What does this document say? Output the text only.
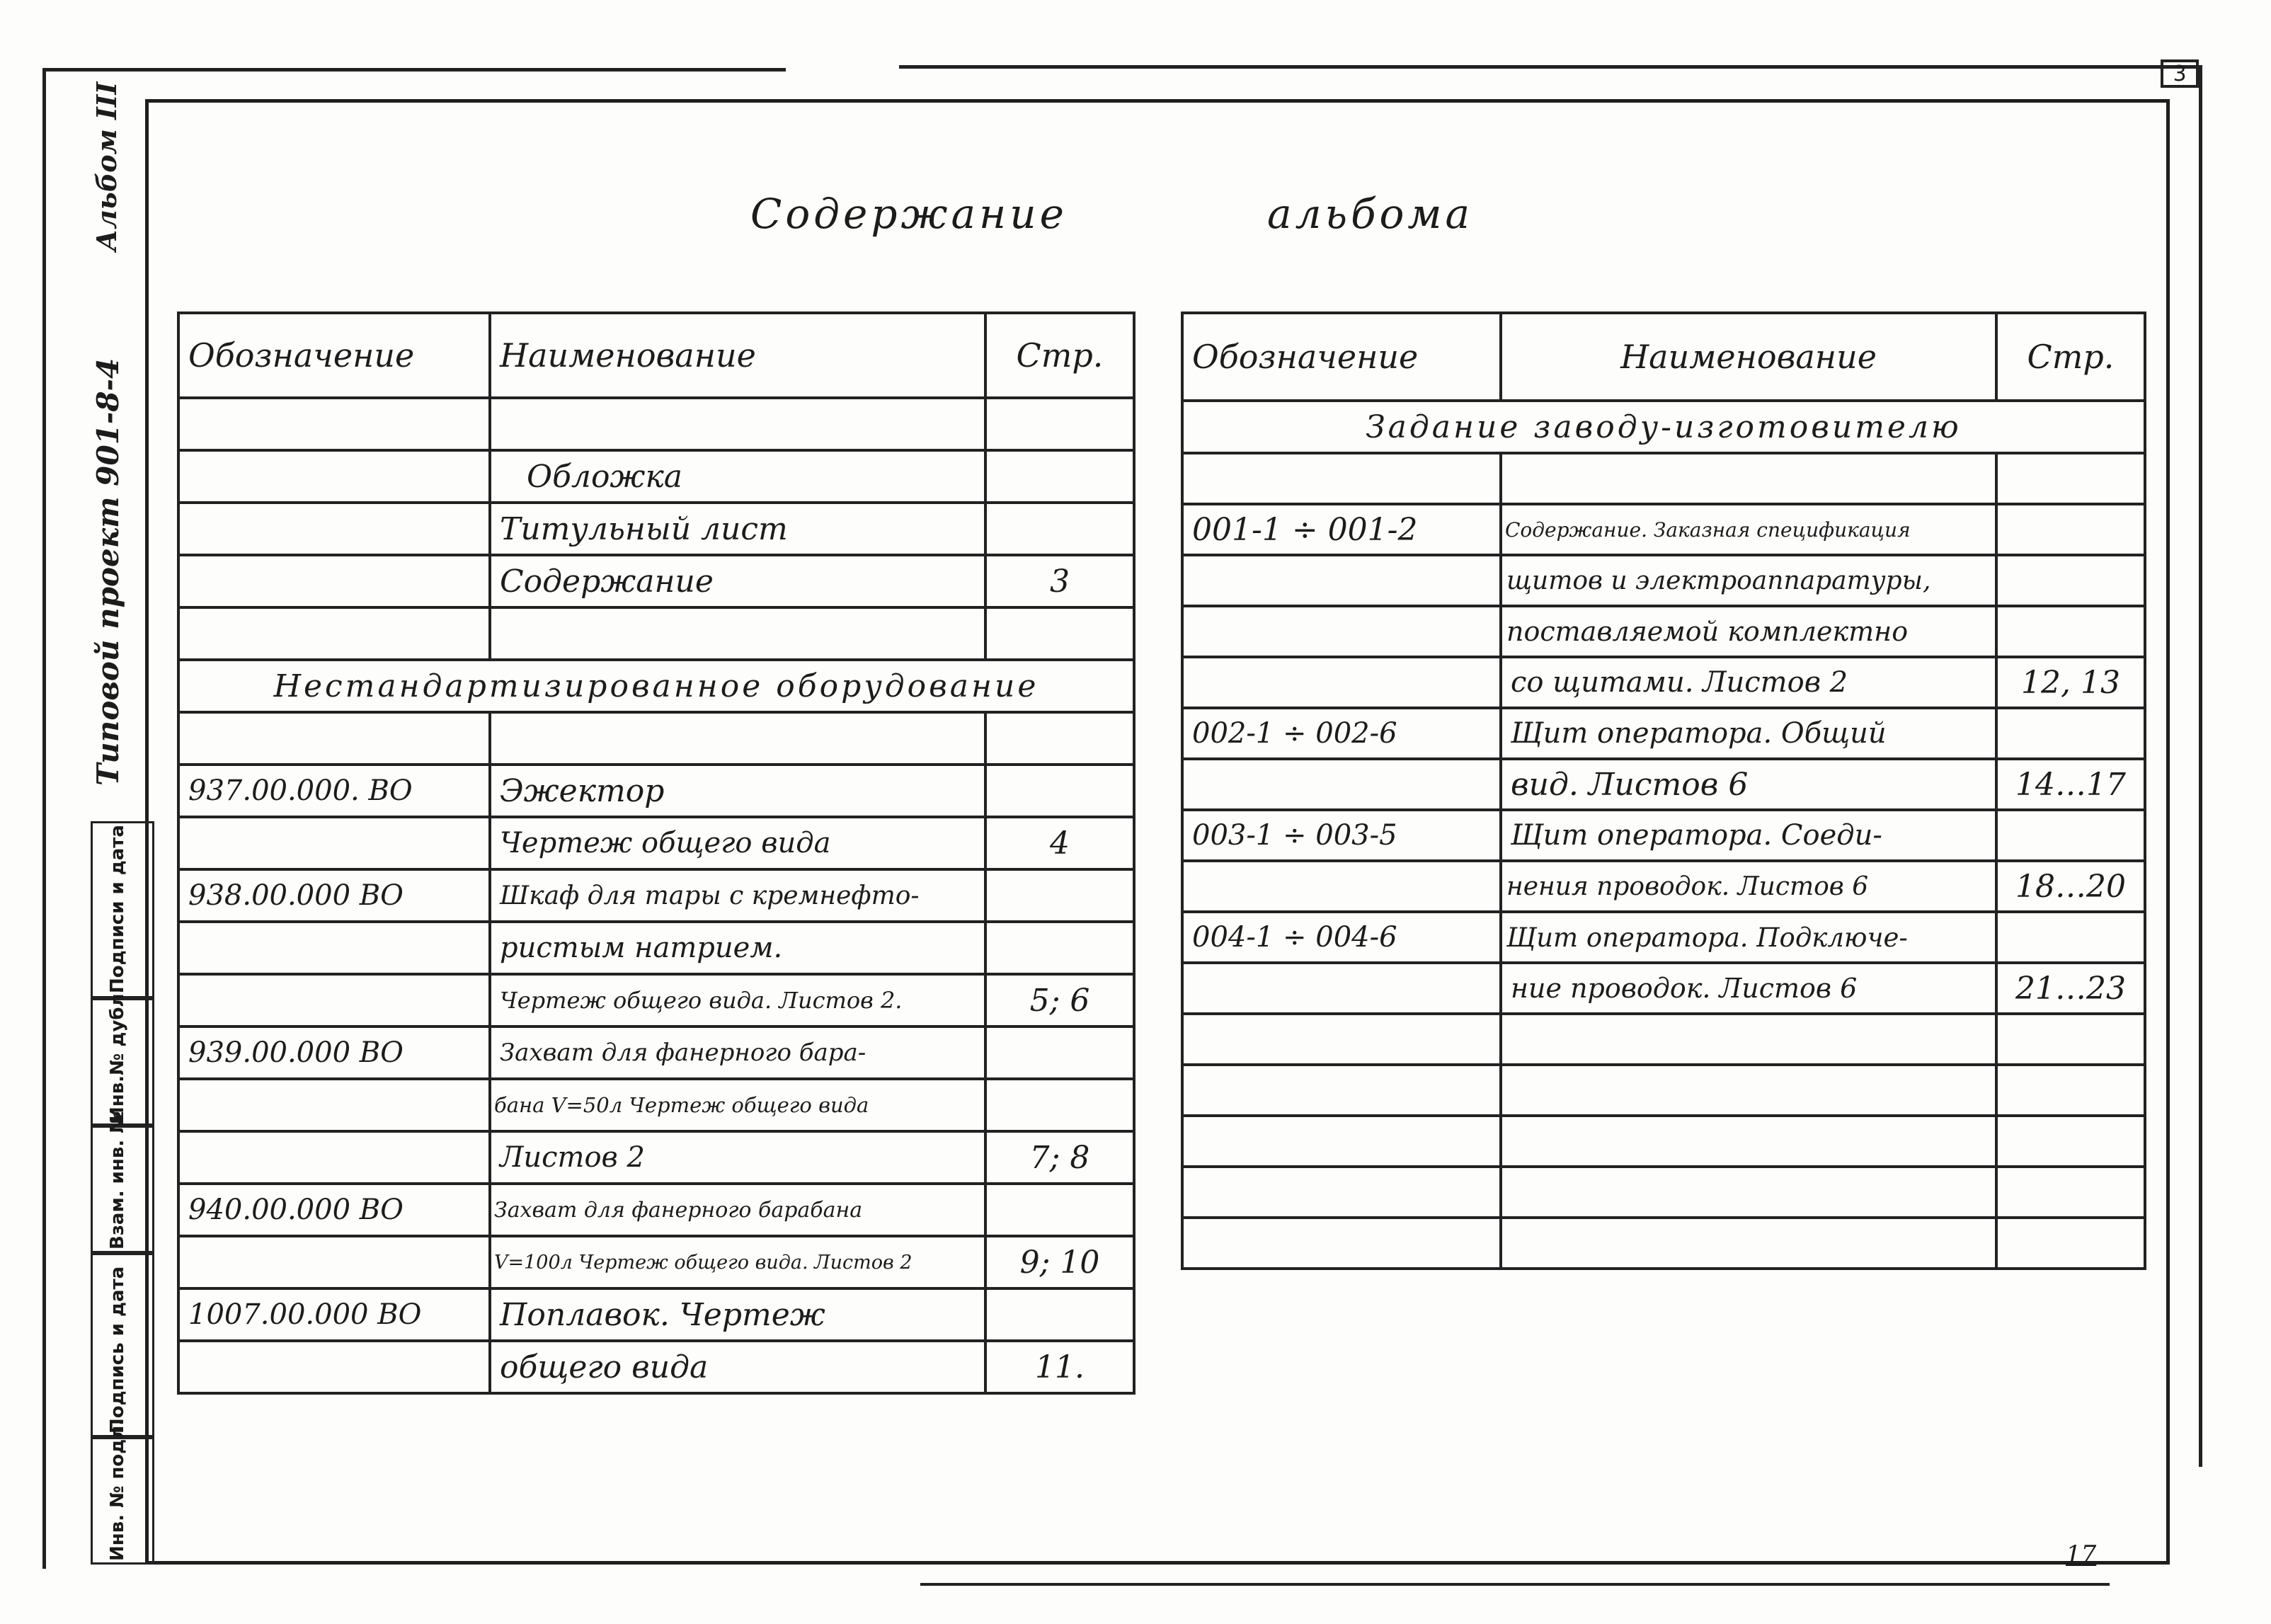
3
Альбом III
Типовой проект 901-8-4
Подписи и дата
Инв.№ дубл.
Взам. инв. №
Подпись и дата
Инв. № подл.
Содержание	альбома
Обозначение	Наименование	Стр.

	Обложка	
	Титульный лист	
	Содержание	3

Нестандартизированное оборудование		

937.00.000. ВО	Эжектор	
	Чертеж общего вида	4
938.00.000 ВО	Шкаф для тары с кремнефто-	
	ристым натрием.	
	Чертеж общего вида. Листов 2.	5; 6
939.00.000 ВО	Захват для фанерного бара-	
	бана V=50л Чертеж общего вида	
	Листов 2	7; 8
940.00.000 ВО	Захват для фанерного барабана	
	V=100л Чертеж общего вида. Листов 2	9; 10
1007.00.000 ВО	Поплавок. Чертеж	
	общего вида	11.
Обозначение	Наименование	Стр.
Задание заводу-изготовителю		

001-1 ÷ 001-2	Содержание. Заказная спецификация	
	щитов и электроаппаратуры,	
	поставляемой комплектно	
	со щитами. Листов 2	12, 13
002-1 ÷ 002-6	Щит оператора. Общий	
	вид. Листов 6	14…17
003-1 ÷ 003-5	Щит оператора. Соеди-	
	нения проводок. Листов 6	18…20
004-1 ÷ 004-6	Щит оператора. Подключе-	
	ние проводок. Листов 6	21…23

17
